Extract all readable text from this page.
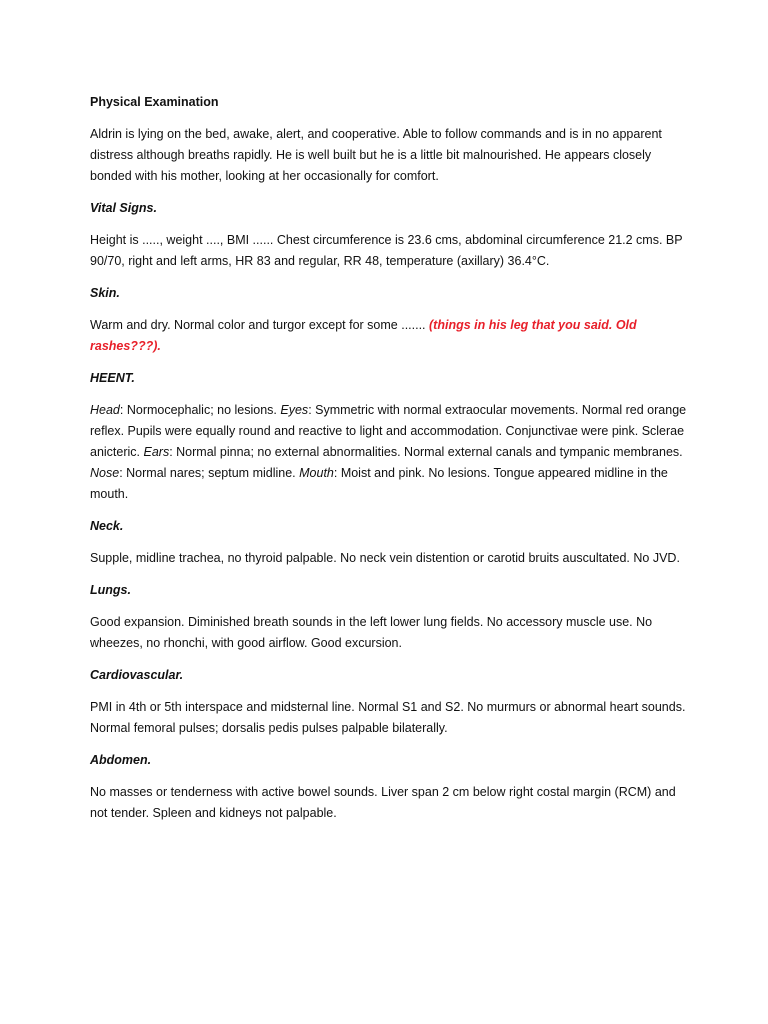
Physical Examination

Aldrin is lying on the bed, awake, alert, and cooperative. Able to follow commands and is in no apparent distress although breaths rapidly. He is well built but he is a little bit malnourished. He appears closely bonded with his mother, looking at her occasionally for comfort.

Vital Signs.

Height is ....., weight ...., BMI ...... Chest circumference is 23.6 cms, abdominal circumference 21.2 cms. BP 90/70, right and left arms, HR 83 and regular, RR 48, temperature (axillary) 36.4°C.

Skin.

Warm and dry. Normal color and turgor except for some ....... (things in his leg that you said. Old rashes???).

HEENT.

Head: Normocephalic; no lesions. Eyes: Symmetric with normal extraocular movements. Normal red orange reflex. Pupils were equally round and reactive to light and accommodation. Conjunctivae were pink. Sclerae anicteric. Ears: Normal pinna; no external abnormalities. Normal external canals and tympanic membranes. Nose: Normal nares; septum midline. Mouth: Moist and pink. No lesions. Tongue appeared midline in the mouth.

Neck.

Supple, midline trachea, no thyroid palpable. No neck vein distention or carotid bruits auscultated. No JVD.

Lungs.

Good expansion. Diminished breath sounds in the left lower lung fields. No accessory muscle use. No wheezes, no rhonchi, with good airflow. Good excursion.

Cardiovascular.

PMI in 4th or 5th interspace and midsternal line. Normal S1 and S2. No murmurs or abnormal heart sounds. Normal femoral pulses; dorsalis pedis pulses palpable bilaterally.

Abdomen.

No masses or tenderness with active bowel sounds. Liver span 2 cm below right costal margin (RCM) and not tender. Spleen and kidneys not palpable.
